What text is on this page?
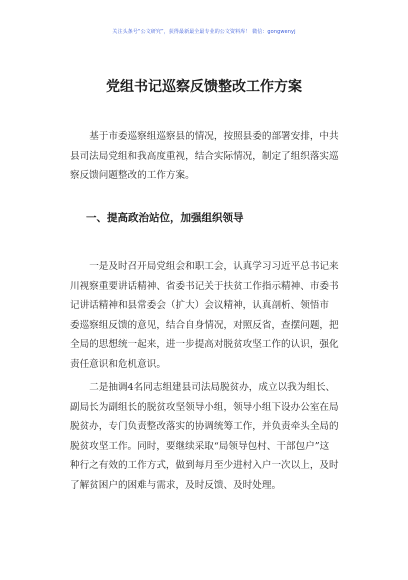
关注头条号“公文研究”，获得最新最全最专业的公文资料库！ 微信：gongwenyj
党组书记巡察反馈整改工作方案
基于市委巡察组巡察县的情况，按照县委的部署安排，中共
县司法局党组和我高度重视，结合实际情况，制定了组织落实巡
察反馈问题整改的工作方案。
一、提高政治站位，加强组织领导
一是及时召开局党组会和职工会，认真学习习近平总书记来
川视察重要讲话精神、省委书记关于扶贫工作指示精神、市委书
记讲话精神和县常委会（扩大）会议精神，认真剖析、领悟市
委巡察组反馈的意见，结合自身情况，对照反省，查摆问题，把
全局的思想统一起来，进一步提高对脱贫攻坚工作的认识，强化
责任意识和危机意识。
二是抽调4名同志组建县司法局脱贫办，成立以我为组长、
副局长为副组长的脱贫攻坚领导小组，领导小组下设办公室在局
脱贫办，专门负责整改落实的协调统筹工作，并负责牵头全局的
脱贫攻坚工作。同时，要继续采取“局领导包村、干部包户”这
种行之有效的工作方式，做到每月至少进村入户一次以上，及时
了解贫困户的困难与需求，及时反馈、及时处理。
